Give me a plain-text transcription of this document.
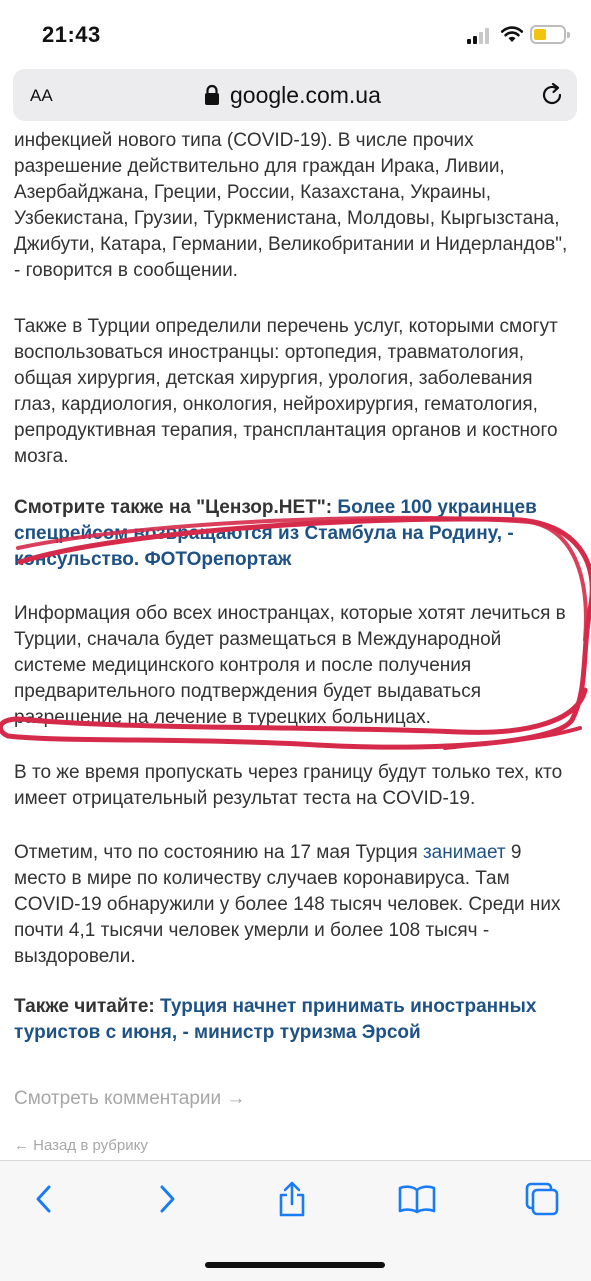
21:43
AA	google.com.ua

инфекцией нового типа (COVID-19). В числе прочих разрешение действительно для граждан Ирака, Ливии, Азербайджана, Греции, России, Казахстана, Украины, Узбекистана, Грузии, Туркменистана, Молдовы, Кыргызстана, Джибути, Катара, Германии, Великобритании и Нидерландов", - говорится в сообщении.

Также в Турции определили перечень услуг, которыми смогут воспользоваться иностранцы: ортопедия, травматология, общая хирургия, детская хирургия, урология, заболевания глаз, кардиология, онкология, нейрохирургия, гематология, репродуктивная терапия, трансплантация органов и костного мозга.

Смотрите также на "Цензор.НЕТ": Более 100 украинцев спецрейсом возвращаются из Стамбула на Родину, - консульство. ФОТОрепортаж

Информация обо всех иностранцах, которые хотят лечиться в Турции, сначала будет размещаться в Международной системе медицинского контроля и после получения предварительного подтверждения будет выдаваться разрешение на лечение в турецких больницах.

В то же время пропускать через границу будут только тех, кто имеет отрицательный результат теста на COVID-19.

Отметим, что по состоянию на 17 мая Турция занимает 9 место в мире по количеству случаев коронавируса. Там COVID-19 обнаружили у более 148 тысяч человек. Среди них почти 4,1 тысячи человек умерли и более 108 тысяч - выздоровели.

Также читайте: Турция начнет принимать иностранных туристов с июня, - министр туризма Эрсой

Смотреть комментарии →
← Назад в рубрику
